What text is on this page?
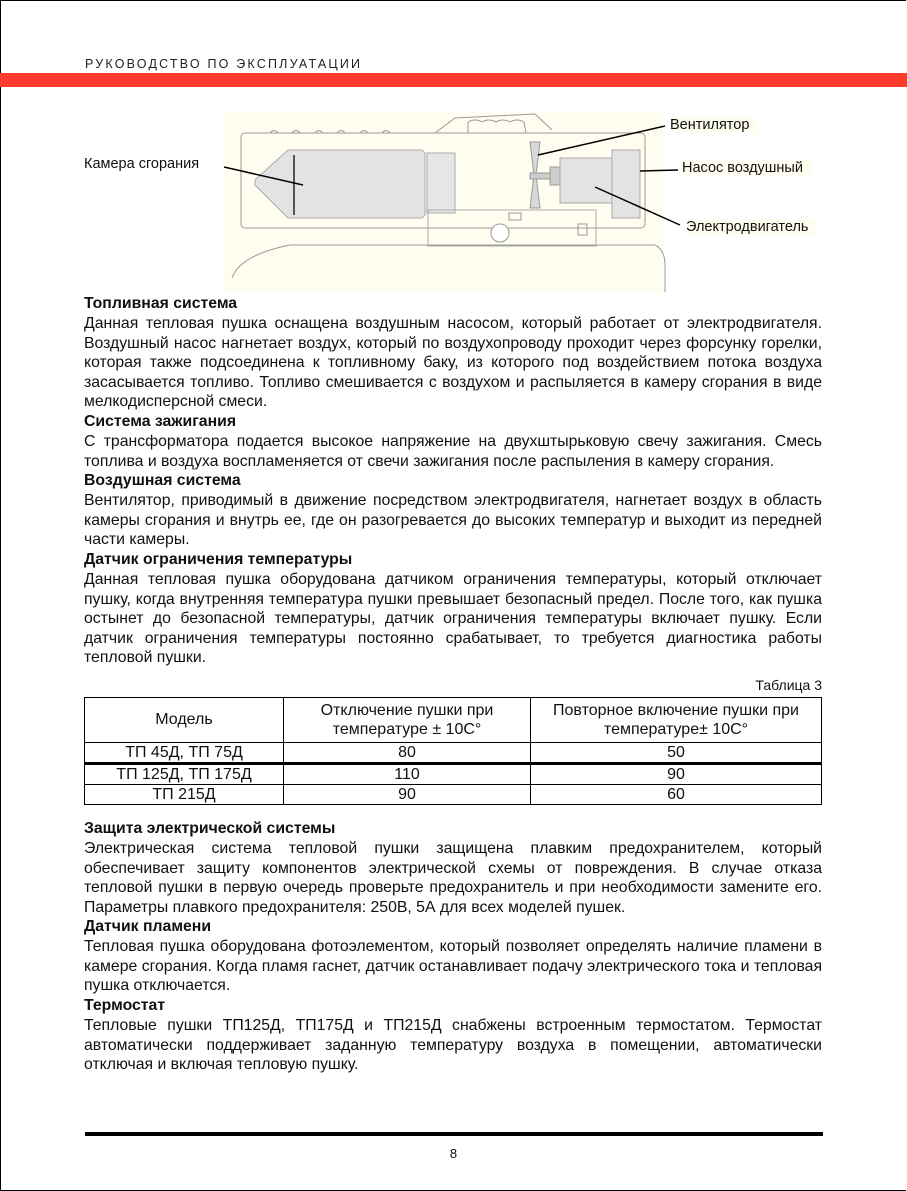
РУКОВОДСТВО ПО ЭКСПЛУАТАЦИИ
Камера сгорания
Вентилятор
Насос воздушный
Электродвигатель
Топливная система

Данная тепловая пушка оснащена воздушным насосом, который работает от электродвигателя. Воздушный насос нагнетает воздух, который по воздухопроводу проходит через форсунку горелки, которая также подсоединена к топливному баку, из которого под воздействием потока воздуха засасывается топливо. Топливо смешивается с воздухом и распыляется в камеру сгорания в виде мелкодисперсной смеси.

Система зажигания

С трансформатора подается высокое напряжение на двухштырьковую свечу зажигания. Смесь топлива и воздуха воспламеняется от свечи зажигания после распыления в камеру сгорания.

Воздушная система

Вентилятор, приводимый в движение посредством электродвигателя, нагнетает воздух в область камеры сгорания и внутрь ее, где он разогревается до высоких температур и выходит из передней части камеры.

Датчик ограничения температуры

Данная тепловая пушка оборудована датчиком ограничения температуры, который отключает пушку, когда внутренняя температура пушки превышает безопасный предел. После того, как пушка остынет до безопасной температуры, датчик ограничения температуры включает пушку. Если датчик ограничения температуры постоянно срабатывает, то требуется диагностика работы тепловой пушки.

Таблица 3
Модель	Отключение пушки при температуре ± 10С°	Повторное включение пушки при температуре± 10С°
ТП 45Д, ТП 75Д	80	50
ТП 125Д, ТП 175Д	110	90
ТП 215Д	90	60
Защита электрической системы

Электрическая система тепловой пушки защищена плавким предохранителем, который обеспечивает защиту компонентов электрической схемы от повреждения. В случае отказа тепловой пушки в первую очередь проверьте предохранитель и при необходимости замените его. Параметры плавкого предохранителя: 250В, 5А для всех моделей пушек.

Датчик пламени

Тепловая пушка оборудована фотоэлементом, который позволяет определять наличие пламени в камере сгорания. Когда пламя гаснет, датчик останавливает подачу электрического тока и тепловая пушка отключается.

Термостат

Тепловые пушки ТП125Д, ТП175Д и ТП215Д снабжены встроенным термостатом. Термостат автоматически поддерживает заданную температуру воздуха в помещении, автоматически отключая и включая тепловую пушку.

8
